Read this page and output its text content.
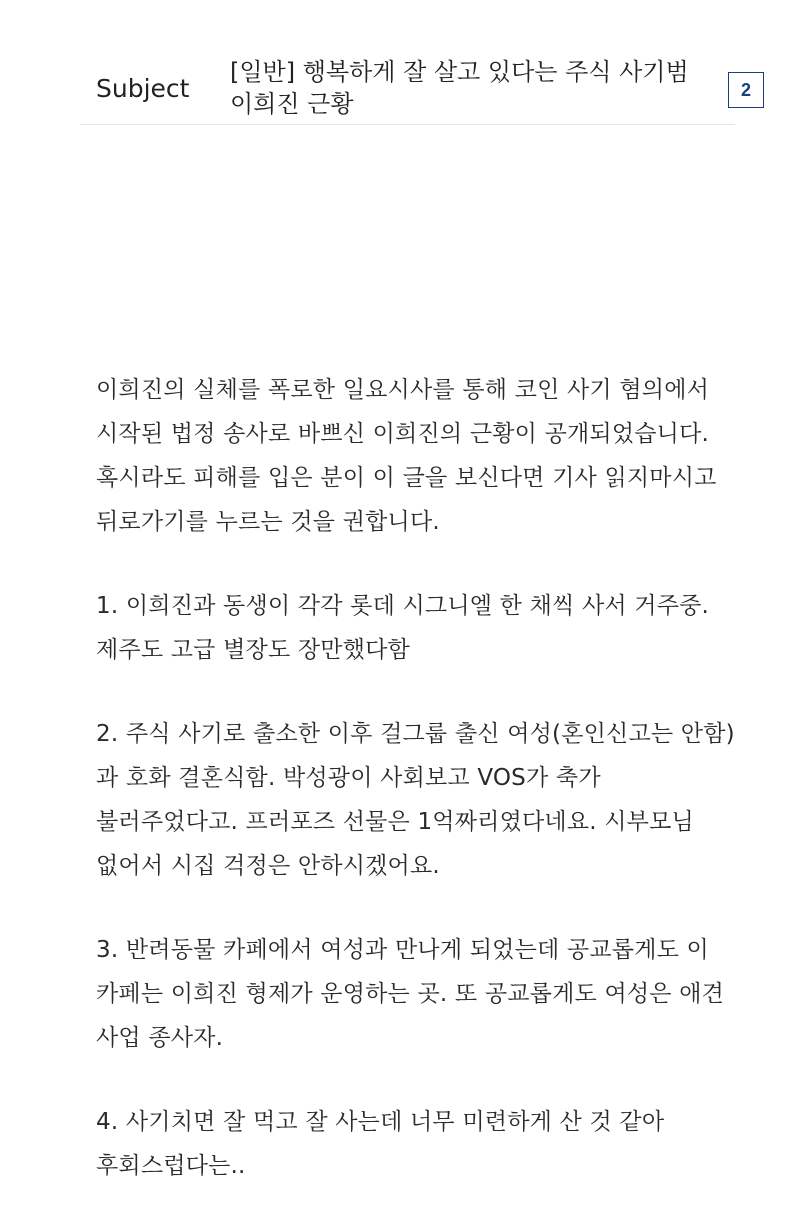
Subject
[일반] 행복하게 잘 살고 있다는 주식 사기범 이희진 근황	2

이희진의 실체를 폭로한 일요시사를 통해 코인 사기 혐의에서 시작된 법정 송사로 바쁘신 이희진의 근황이 공개되었습니다. 혹시라도 피해를 입은 분이 이 글을 보신다면 기사 읽지마시고 뒤로가기를 누르는 것을 권합니다.

1. 이희진과 동생이 각각 롯데 시그니엘 한 채씩 사서 거주중. 제주도 고급 별장도 장만했다함

2. 주식 사기로 출소한 이후 걸그룹 출신 여성(혼인신고는 안함)과 호화 결혼식함. 박성광이 사회보고 VOS가 축가 불러주었다고. 프러포즈 선물은 1억짜리였다네요. 시부모님 없어서 시집 걱정은 안하시겠어요.

3. 반려동물 카페에서 여성과 만나게 되었는데 공교롭게도 이 카페는 이희진 형제가 운영하는 곳. 또 공교롭게도 여성은 애견 사업 종사자.

4. 사기치면 잘 먹고 잘 사는데 너무 미련하게 산 것 같아 후회스럽다는..
